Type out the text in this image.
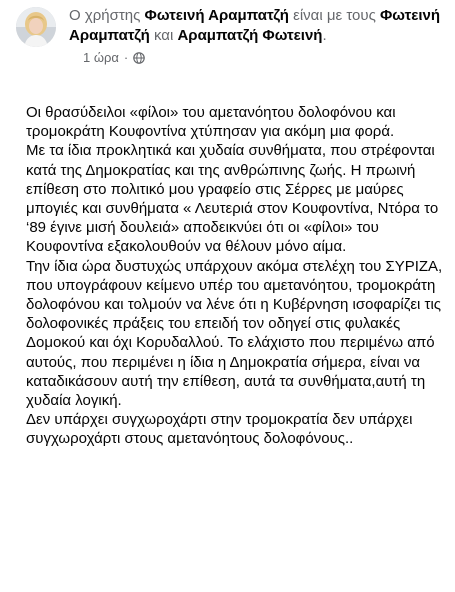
Ο χρήστης Φωτεινή Αραμπατζή είναι με τους Φωτεινή Αραμπατζή και Αραμπατζή Φωτεινή.
1 ώρα ·

Οι θρασύδειλοι «φίλοι» του αμετανόητου δολοφόνου και τρομοκράτη Κουφοντίνα χτύπησαν για ακόμη μια φορά.

Με τα ίδια προκλητικά και χυδαία συνθήματα, που στρέφονται κατά της Δημοκρατίας και της ανθρώπινης ζωής. Η πρωινή επίθεση στο πολιτικό μου γραφείο στις Σέρρες με μαύρες μπογιές και συνθήματα « Λευτεριά στον Κουφοντίνα, Ντόρα το ‘89 έγινε μισή δουλειά» αποδεικνύει ότι οι «φίλοι» του Κουφοντίνα εξακολουθούν να θέλουν μόνο αίμα.

Την ίδια ώρα δυστυχώς υπάρχουν ακόμα στελέχη του ΣΥΡΙΖΑ, που υπογράφουν κείμενο υπέρ του αμετανόητου, τρομοκράτη δολοφόνου και τολμούν να λένε ότι η Κυβέρνηση ισοφαρίζει τις δολοφονικές πράξεις του επειδή τον οδηγεί στις φυλακές Δομοκού και όχι Κορυδαλλού. Το ελάχιστο που περιμένω από αυτούς, που περιμένει η ίδια η Δημοκρατία σήμερα, είναι να καταδικάσουν αυτή την επίθεση, αυτά τα συνθήματα,αυτή τη χυδαία λογική.

Δεν υπάρχει συγχωροχάρτι στην τρομοκρατία δεν υπάρχει συγχωροχάρτι στους αμετανόητους δολοφόνους..
